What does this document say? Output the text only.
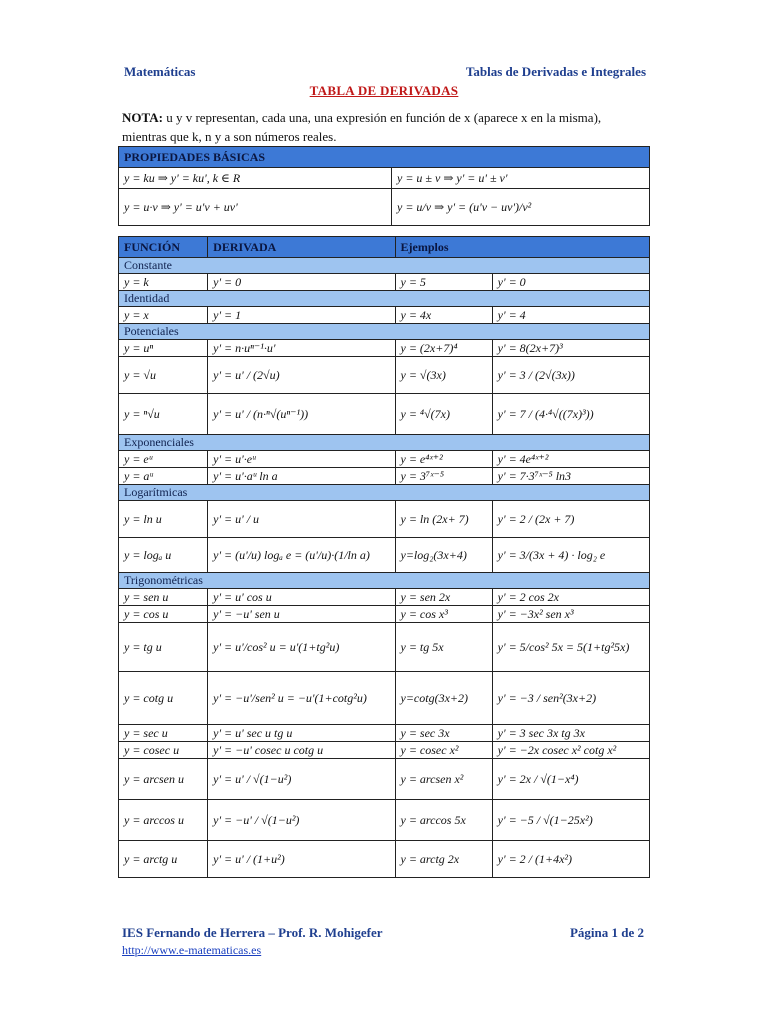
Matemáticas	Tablas de Derivadas e Integrales
TABLA DE DERIVADAS
NOTA: u y v representan, cada una, una expresión en función de x (aparece x en la misma), mientras que k, n y a son números reales.
PROPIEDADES BÁSICAS	
y = ku ⇒ y' = ku', k ∈ R	y = u ± v ⇒ y' = u' ± v'
y = u·v ⇒ y' = u'v + uv'	y = u/v ⇒ y' = (u'v − uv')/v²
FUNCIÓN	DERIVADA	Ejemplos	
Constante			
y = k	y' = 0	y = 5	y' = 0
Identidad			
y = x	y' = 1	y = 4x	y' = 4
Potenciales			
y = uⁿ	y' = n·uⁿ⁻¹·u'	y = (2x+7)⁴	y' = 8(2x+7)³
y = √u	y' = u' / (2√u)	y = √(3x)	y' = 3 / (2√(3x))
y = ⁿ√u	y' = u' / (n·ⁿ√(uⁿ⁻¹))	y = ⁴√(7x)	y' = 7 / (4·⁴√((7x)³))
Exponenciales			
y = eᵘ	y' = u'·eᵘ	y = e⁴ˣ⁺²	y' = 4e⁴ˣ⁺²
y = aᵘ	y' = u'·aᵘ ln a	y = 3⁷ˣ⁻⁵	y' = 7·3⁷ˣ⁻⁵ ln3
Logarítmicas			
y = ln u	y' = u' / u	y = ln (2x+ 7)	y' = 2 / (2x + 7)
y = logₐ u	y' = (u'/u) logₐ e = (u'/u)·(1/ln a)	y=log₂(3x+4)	y' = 3/(3x + 4) · log₂ e
Trigonométricas			
y = sen u	y' = u' cos u	y = sen 2x	y' = 2 cos 2x
y = cos u	y' = −u' sen u	y = cos x³	y' = −3x² sen x³
y = tg u	y' = u'/cos² u = u'(1+tg²u)	y = tg 5x	y' = 5/cos² 5x = 5(1+tg²5x)
y = cotg u	y' = −u'/sen² u = −u'(1+cotg²u)	y=cotg(3x+2)	y' = −3 / sen²(3x+2)
y = sec u	y' = u' sec u tg u	y = sec 3x	y' = 3 sec 3x tg 3x
y = cosec u	y' = −u' cosec u cotg u	y = cosec x²	y' = −2x cosec x² cotg x²
y = arcsen u	y' = u' / √(1−u²)	y = arcsen x²	y' = 2x / √(1−x⁴)
y = arccos u	y' = −u' / √(1−u²)	y = arccos 5x	y' = −5 / √(1−25x²)
y = arctg u	y' = u' / (1+u²)	y = arctg 2x	y' = 2 / (1+4x²)
IES Fernando de Herrera – Prof. R. Mohigefer	Página 1 de 2
http://www.e-matematicas.es
